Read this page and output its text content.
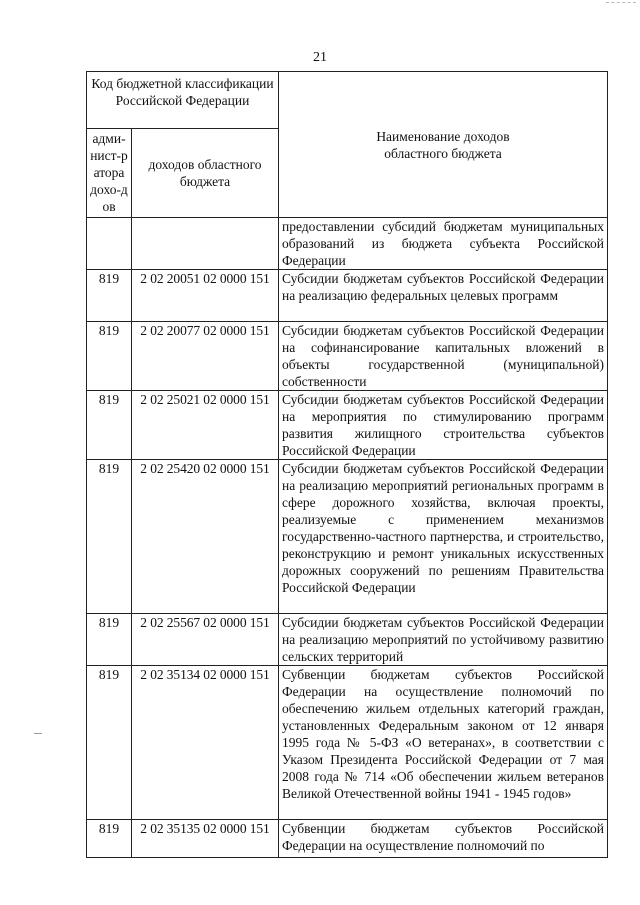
21
Код бюджетной классификации Российской Федерации		Наименование доходов областного бюджета
адми-нист-ратора дохо-дов	доходов областного бюджета	
		предоставлении субсидий бюджетам муниципальных образований из бюджета субъекта Российской Федерации
819	2 02 20051 02 0000 151	Субсидии бюджетам субъектов Российской Федерации на реализацию федеральных целевых программ
819	2 02 20077 02 0000 151	Субсидии бюджетам субъектов Российской Федерации на софинансирование капитальных вложений в объекты государственной (муниципальной) собственности
819	2 02 25021 02 0000 151	Субсидии бюджетам субъектов Российской Федерации на мероприятия по стимулированию программ развития жилищного строительства субъектов Российской Федерации
819	2 02 25420 02 0000 151	Субсидии бюджетам субъектов Российской Федерации на реализацию мероприятий региональных программ в сфере дорожного хозяйства, включая проекты, реализуемые с применением механизмов государственно-частного партнерства, и строительство, реконструкцию и ремонт уникальных искусственных дорожных сооружений по решениям Правительства Российской Федерации
819	2 02 25567 02 0000 151	Субсидии бюджетам субъектов Российской Федерации на реализацию мероприятий по устойчивому развитию сельских территорий
819	2 02 35134 02 0000 151	Субвенции бюджетам субъектов Российской Федерации на осуществление полномочий по обеспечению жильем отдельных категорий граждан, установленных Федеральным законом от 12 января 1995 года № 5-ФЗ «О ветеранах», в соответствии с Указом Президента Российской Федерации от 7 мая 2008 года № 714 «Об обеспечении жильем ветеранов Великой Отечественной войны 1941 - 1945 годов»
819	2 02 35135 02 0000 151	Субвенции бюджетам субъектов Российской Федерации на осуществление полномочий по
